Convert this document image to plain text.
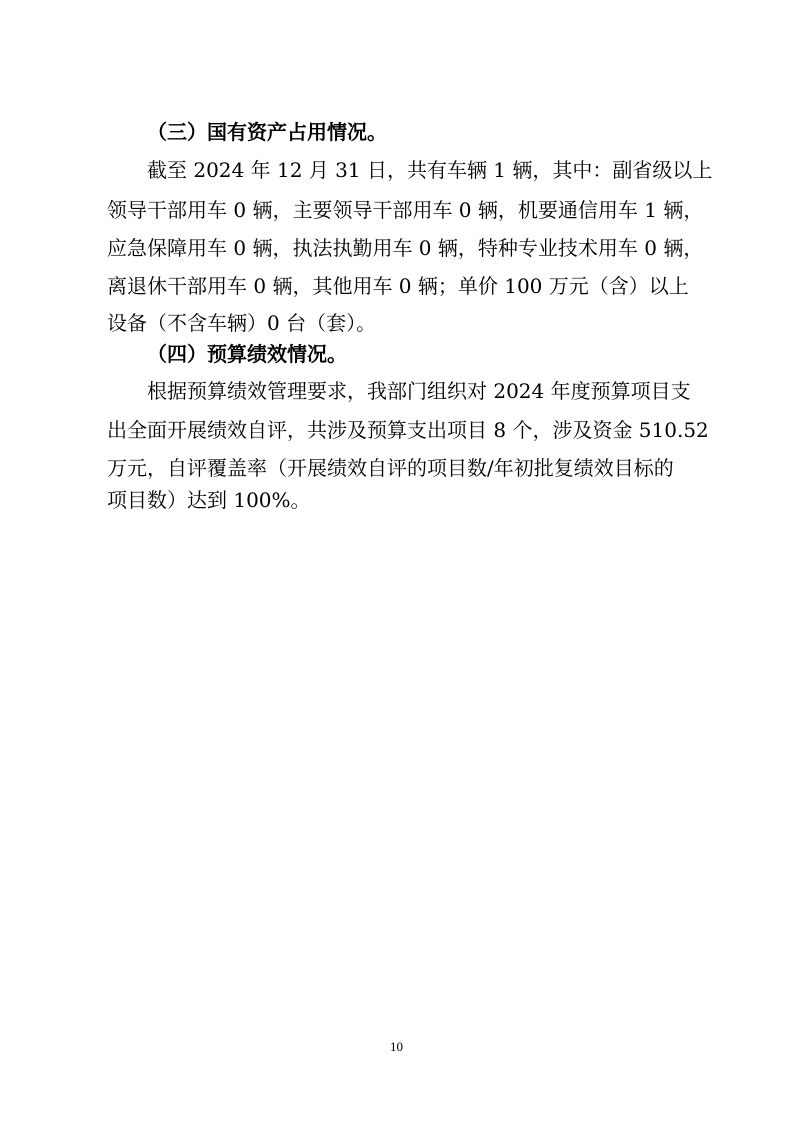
（三）国有资产占用情况。
截至 2024 年 12 月 31 日，共有车辆 1 辆，其中：副省级以上
领导干部用车 0 辆，主要领导干部用车 0 辆，机要通信用车 1 辆，
应急保障用车 0 辆，执法执勤用车 0 辆，特种专业技术用车 0 辆，
离退休干部用车 0 辆，其他用车 0 辆；单价 100 万元（含）以上
设备（不含车辆）0 台（套）。
（四）预算绩效情况。
根据预算绩效管理要求，我部门组织对 2024 年度预算项目支
出全面开展绩效自评，共涉及预算支出项目 8 个，涉及资金 510.52
万元，自评覆盖率（开展绩效自评的项目数/年初批复绩效目标的
项目数）达到 100%。
10
